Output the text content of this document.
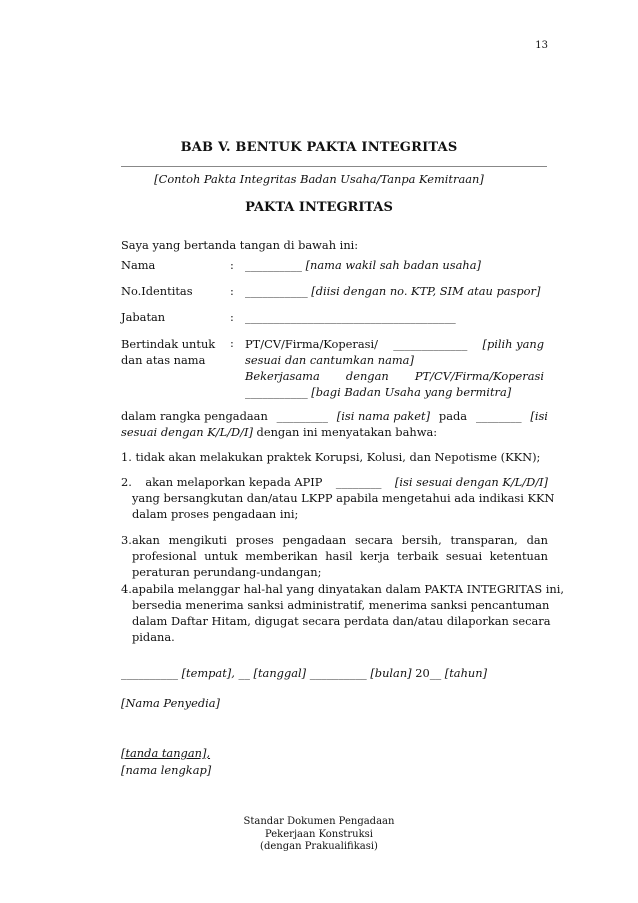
13
BAB V. BENTUK PAKTA INTEGRITAS
[Contoh Pakta Integritas Badan Usaha/Tanpa Kemitraan]
PAKTA INTEGRITAS
Saya yang bertanda tangan di bawah ini:
Nama	: __________ [nama wakil sah badan usaha]
No.Identitas	: ___________ [diisi dengan no. KTP, SIM atau paspor]
Jabatan	: _____________________________________
Bertindak untuk
dan atas nama
: PT/CV/Firma/Koperasi/ _____________ [pilih yang
sesuai dan cantumkan nama]
Bekerjasama dengan PT/CV/Firma/Koperasi
___________ [bagi Badan Usaha yang bermitra]
dalam rangka pengadaan _________ [isi nama paket] pada ________ [isi
sesuai dengan K/L/D/I] dengan ini menyatakan bahwa:
1. tidak akan melakukan praktek Korupsi, Kolusi, dan Nepotisme (KKN);
2. akan melaporkan kepada APIP ________ [isi sesuai dengan K/L/D/I]
yang bersangkutan dan/atau LKPP apabila mengetahui ada indikasi KKN
dalam proses pengadaan ini;
3. akan mengikuti proses pengadaan secara bersih, transparan, dan
profesional untuk memberikan hasil kerja terbaik sesuai ketentuan
peraturan perundang-undangan;
4. apabila melanggar hal-hal yang dinyatakan dalam PAKTA INTEGRITAS ini,
bersedia menerima sanksi administratif, menerima sanksi pencantuman
dalam Daftar Hitam, digugat secara perdata dan/atau dilaporkan secara
pidana.
__________ [tempat], __ [tanggal] __________ [bulan] 20__ [tahun]
[Nama Penyedia]
[tanda tangan],
[nama lengkap]
Standar Dokumen Pengadaan
Pekerjaan Konstruksi
(dengan Prakualifikasi)
